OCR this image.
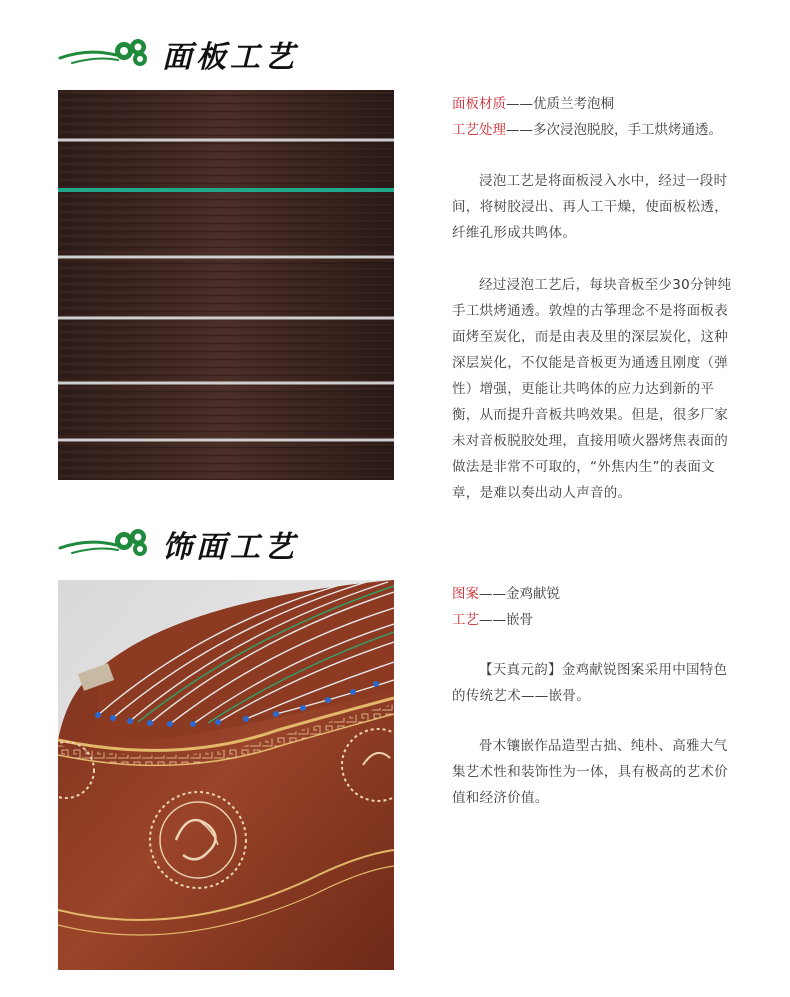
面板工艺
面板材质——优质兰考泡桐
工艺处理——多次浸泡脱胶，手工烘烤通透。

浸泡工艺是将面板浸入水中，经过一段时间，将树胶浸出、再人工干燥，使面板松透，纤维孔形成共鸣体。

经过浸泡工艺后，每块音板至少30分钟纯手工烘烤通透。敦煌的古筝理念不是将面板表面烤至炭化，而是由表及里的深层炭化，这种深层炭化，不仅能是音板更为通透且刚度（弹性）增强，更能让共鸣体的应力达到新的平衡，从而提升音板共鸣效果。但是，很多厂家未对音板脱胶处理，直接用喷火器烤焦表面的做法是非常不可取的，“外焦内生”的表面文章，是难以奏出动人声音的。

饰面工艺
图案——金鸡献锐
工艺——嵌骨

【天真元韵】金鸡献锐图案采用中国特色的传统艺术——嵌骨。

骨木镶嵌作品造型古拙、纯朴、高雅大气集艺术性和装饰性为一体，具有极高的艺术价值和经济价值。
